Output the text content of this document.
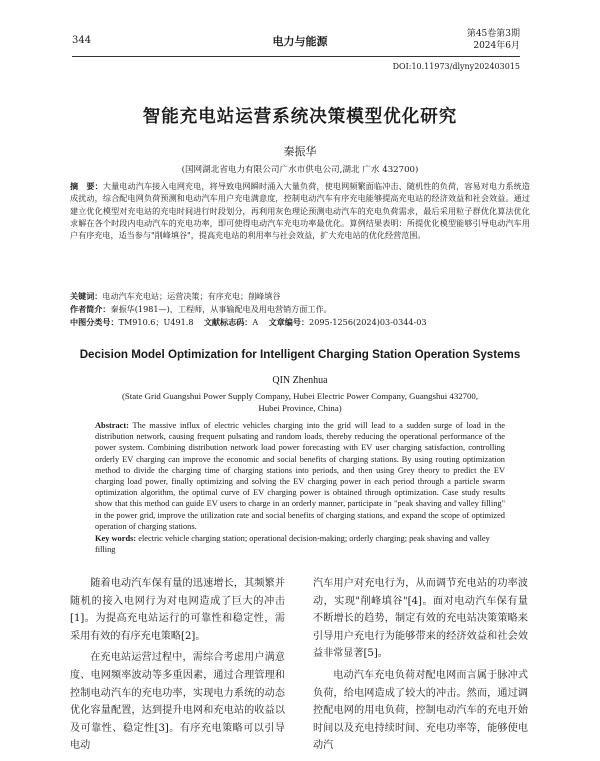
344	电力与能源
第45卷第3期
2024年6月
DOI:10.11973/dlyny202403015
智能充电站运营系统决策模型优化研究
秦振华
(国网湖北省电力有限公司广水市供电公司,湖北 广水 432700)
摘　要：大量电动汽车接入电网充电，将导致电网瞬时涌入大量负荷，使电网频繁面临冲击、随机性的负荷，容易对电力系统造成扰动，综合配电网负荷预测和电动汽车用户充电满意度，控制电动汽车有序充电能够提高充电站的经济效益和社会效益。通过建立优化模型对充电站的充电时间进行时段划分，再利用灰色理论预测电动汽车的充电负荷需求，最后采用粒子群优化算法优化求解在各个时段内电动汽车的充电功率，即可使得电动汽车充电功率最优化。算例结果表明：所提优化模型能够引导电动汽车用户有序充电，适当参与"削峰填谷"，提高充电站的利用率与社会效益，扩大充电站的优化经营范围。
关键词：电动汽车充电站；运营决策；有序充电；削峰填谷
作者简介：秦振华(1981—)，工程师，从事输配电及用电营销方面工作。
中图分类号：TM910.6；U491.8 文献标志码：A 文章编号：2095-1256(2024)03-0344-03
Decision Model Optimization for Intelligent Charging Station Operation Systems
QIN Zhenhua
(State Grid Guangshui Power Supply Company, Hubei Electric Power Company, Guangshui 432700,
Hubei Province, China)
Abstract: The massive influx of electric vehicles charging into the grid will lead to a sudden surge of load in the distribution network, causing frequent pulsating and random loads, thereby reducing the operational performance of the power system. Combining distribution network load power forecasting with EV user charging satisfaction, controlling orderly EV charging can improve the economic and social benefits of charging stations. By using routing optimization method to divide the charging time of charging stations into periods, and then using Grey theory to predict the EV charging load power, finally optimizing and solving the EV charging power in each period through a particle swarm optimization algorithm, the optimal curve of EV charging power is obtained through optimization. Case study results show that this method can guide EV users to charge in an orderly manner, participate in "peak shaving and valley filling" in the power grid, improve the utilization rate and social benefits of charging stations, and expand the scope of optimized operation of charging stations.
Key words: electric vehicle charging station; operational decision-making; orderly charging; peak shaving and valley filling

随着电动汽车保有量的迅速增长，其频繁并随机的接入电网行为对电网造成了巨大的冲击[1]。为提高充电站运行的可靠性和稳定性，需采用有效的有序充电策略[2]。

在充电站运营过程中，需综合考虑用户满意度、电网频率波动等多重因素，通过合理管理和控制电动汽车的充电功率，实现电力系统的动态优化容量配置，达到提升电网和充电站的收益以及可靠性、稳定性[3]。有序充电策略可以引导电动

汽车用户对充电行为，从而调节充电站的功率波动，实现"削峰填谷"[4]。面对电动汽车保有量不断增长的趋势，制定有效的充电站决策策略来引导用户充电行为能够带来的经济效益和社会效益非常显著[5]。

电动汽车充电负荷对配电网而言属于脉冲式负荷，给电网造成了较大的冲击。然而，通过调控配电网的用电负荷，控制电动汽车的充电开始时间以及充电持续时间、充电功率等，能够使电动汽
